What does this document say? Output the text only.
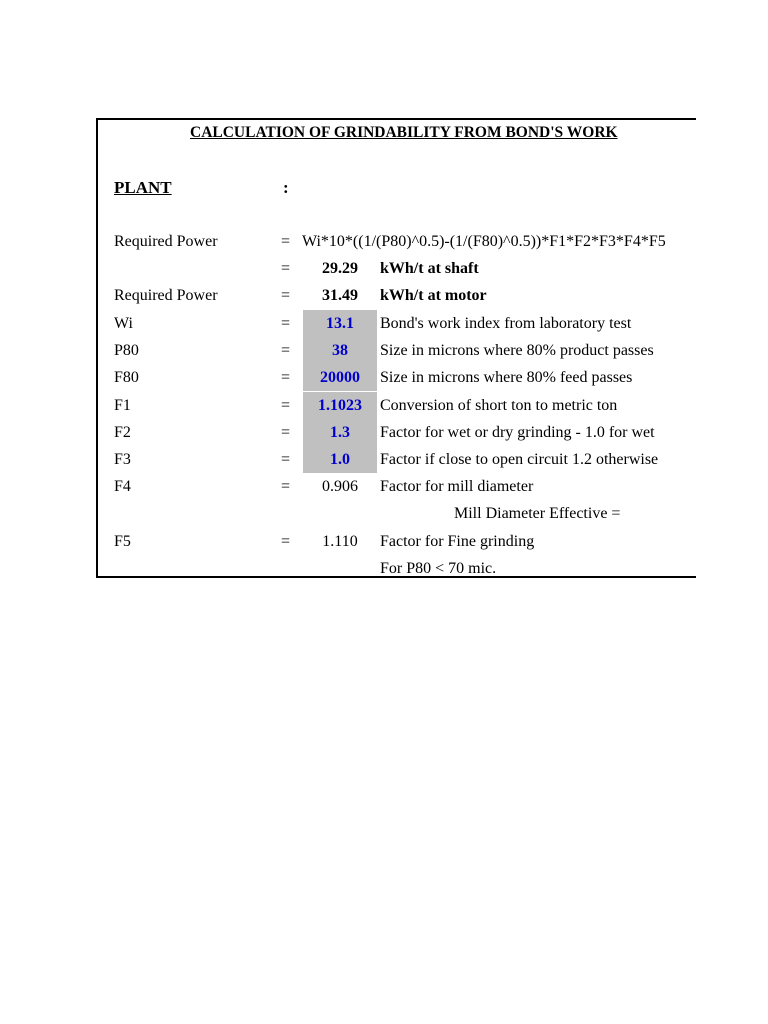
CALCULATION OF GRINDABILITY FROM BOND'S WORK
PLANT	:
Required Power	= Wi*10*((1/(P80)^0.5)-(1/(F80)^0.5))*F1*F2*F3*F4*F5
=	29.29	kWh/t at shaft
Required Power	=	31.49	kWh/t at motor
Wi	=	13.1	Bond's work index from laboratory test
P80	=	38	Size in microns where 80% product passes
F80	=	20000	Size in microns where 80% feed passes
F1	=	1.1023	Conversion of short ton to metric ton
F2	=	1.3	Factor for wet or dry grinding - 1.0 for wet
F3	=	1.0	Factor if close to open circuit 1.2 otherwise
F4	=	0.906	Factor for mill diameter
Mill Diameter Effective =
F5	=	1.110	Factor for Fine grinding
For P80 < 70 mic.
